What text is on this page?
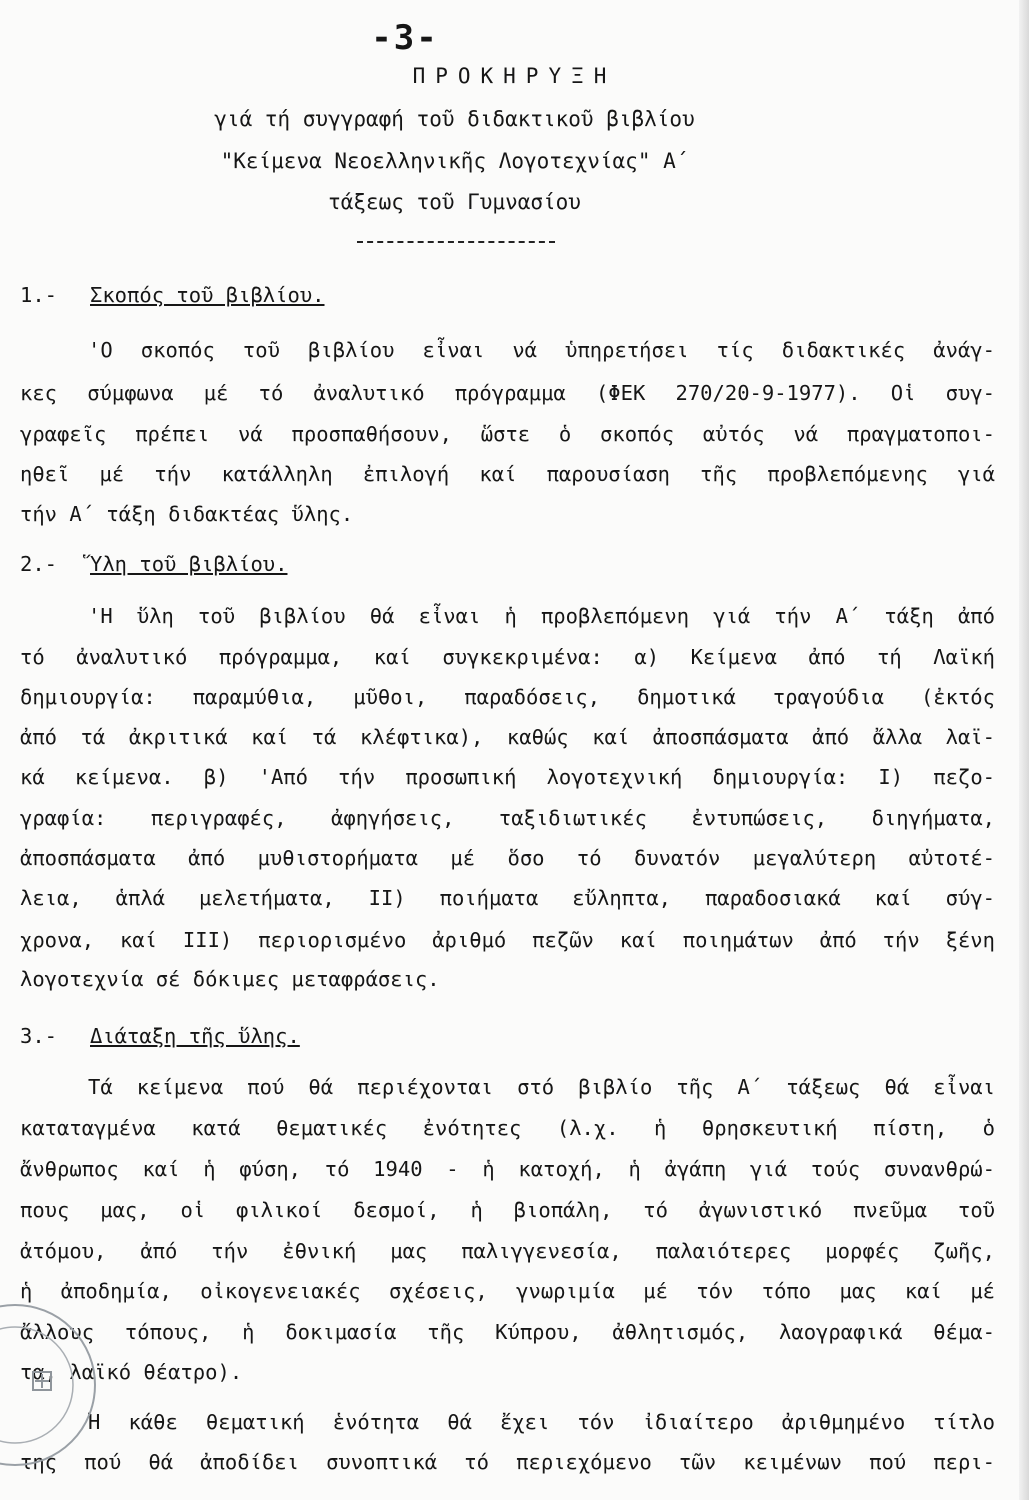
-3-
ΠΡΟΚΗΡΥΞΗ
γιά τή συγγραφή τοῦ διδακτικοῦ βιβλίου
"Κείμενα Νεοελληνικῆς Λογοτεχνίας" Α΄
τάξεως τοῦ Γυμνασίου
1.- Σκοπός τοῦ βιβλίου.
'Ο σκοπός τοῦ βιβλίου εἶναι νά ὑπηρετήσει τίς διδακτικές ἀνάγ-
κες σύμφωνα μέ τό ἀναλυτικό πρόγραμμα (ΦΕΚ 270/20-9-1977). Οἱ συγ-
γραφεῖς πρέπει νά προσπαθήσουν, ὥστε ὁ σκοπός αὐτός νά πραγματοποι-
ηθεῖ μέ τήν κατάλληλη ἐπιλογή καί παρουσίαση τῆς προβλεπόμενης γιά
τήν Α΄ τάξη διδακτέας ὕλης.
2.- Ὕλη τοῦ βιβλίου.
'Η ὕλη τοῦ βιβλίου θά εἶναι ἡ προβλεπόμενη γιά τήν Α΄ τάξη ἀπό
τό ἀναλυτικό πρόγραμμα, καί συγκεκριμένα: α) Κείμενα ἀπό τή Λαϊκή
δημιουργία: παραμύθια, μῦθοι, παραδόσεις, δημοτικά τραγούδια (ἐκτός
ἀπό τά ἀκριτικά καί τά κλέφτικα), καθώς καί ἀποσπάσματα ἀπό ἄλλα λαϊ-
κά κείμενα. β) 'Από τήν προσωπική λογοτεχνική δημιουργία: Ι) πεζο-
γραφία: περιγραφές, ἀφηγήσεις, ταξιδιωτικές ἐντυπώσεις, διηγήματα,
ἀποσπάσματα ἀπό μυθιστορήματα μέ ὅσο τό δυνατόν μεγαλύτερη αὐτοτέ-
λεια, ἁπλά μελετήματα, ΙΙ) ποιήματα εὔληπτα, παραδοσιακά καί σύγ-
χρονα, καί ΙΙΙ) περιορισμένο ἀριθμό πεζῶν καί ποιημάτων ἀπό τήν ξένη
λογοτεχνία σέ δόκιμες μεταφράσεις.
3.- Διάταξη τῆς ὕλης.
Τά κείμενα πού θά περιέχονται στό βιβλίο τῆς Α΄ τάξεως θά εἶναι
καταταγμένα κατά θεματικές ἐνότητες (λ.χ. ἡ θρησκευτική πίστη, ὁ
ἄνθρωπος καί ἡ φύση, τό 1940 - ἡ κατοχή, ἡ ἀγάπη γιά τούς συνανθρώ-
πους μας, οἱ φιλικοί δεσμοί, ἡ βιοπάλη, τό ἀγωνιστικό πνεῦμα τοῦ
ἀτόμου, ἀπό τήν ἐθνική μας παλιγγενεσία, παλαιότερες μορφές ζωῆς,
ἡ ἀποδημία, οἰκογενειακές σχέσεις, γνωριμία μέ τόν τόπο μας καί μέ
ἄλλους τόπους, ἡ δοκιμασία τῆς Κύπρου, ἀθλητισμός, λαογραφικά θέμα-
τα, λαϊκό θέατρο).
Ἡ κάθε θεματική ἑνότητα θά ἔχει τόν ἰδιαίτερο ἀριθμημένο τίτλο
της πού θά ἀποδίδει συνοπτικά τό περιεχόμενο τῶν κειμένων πού περι-
